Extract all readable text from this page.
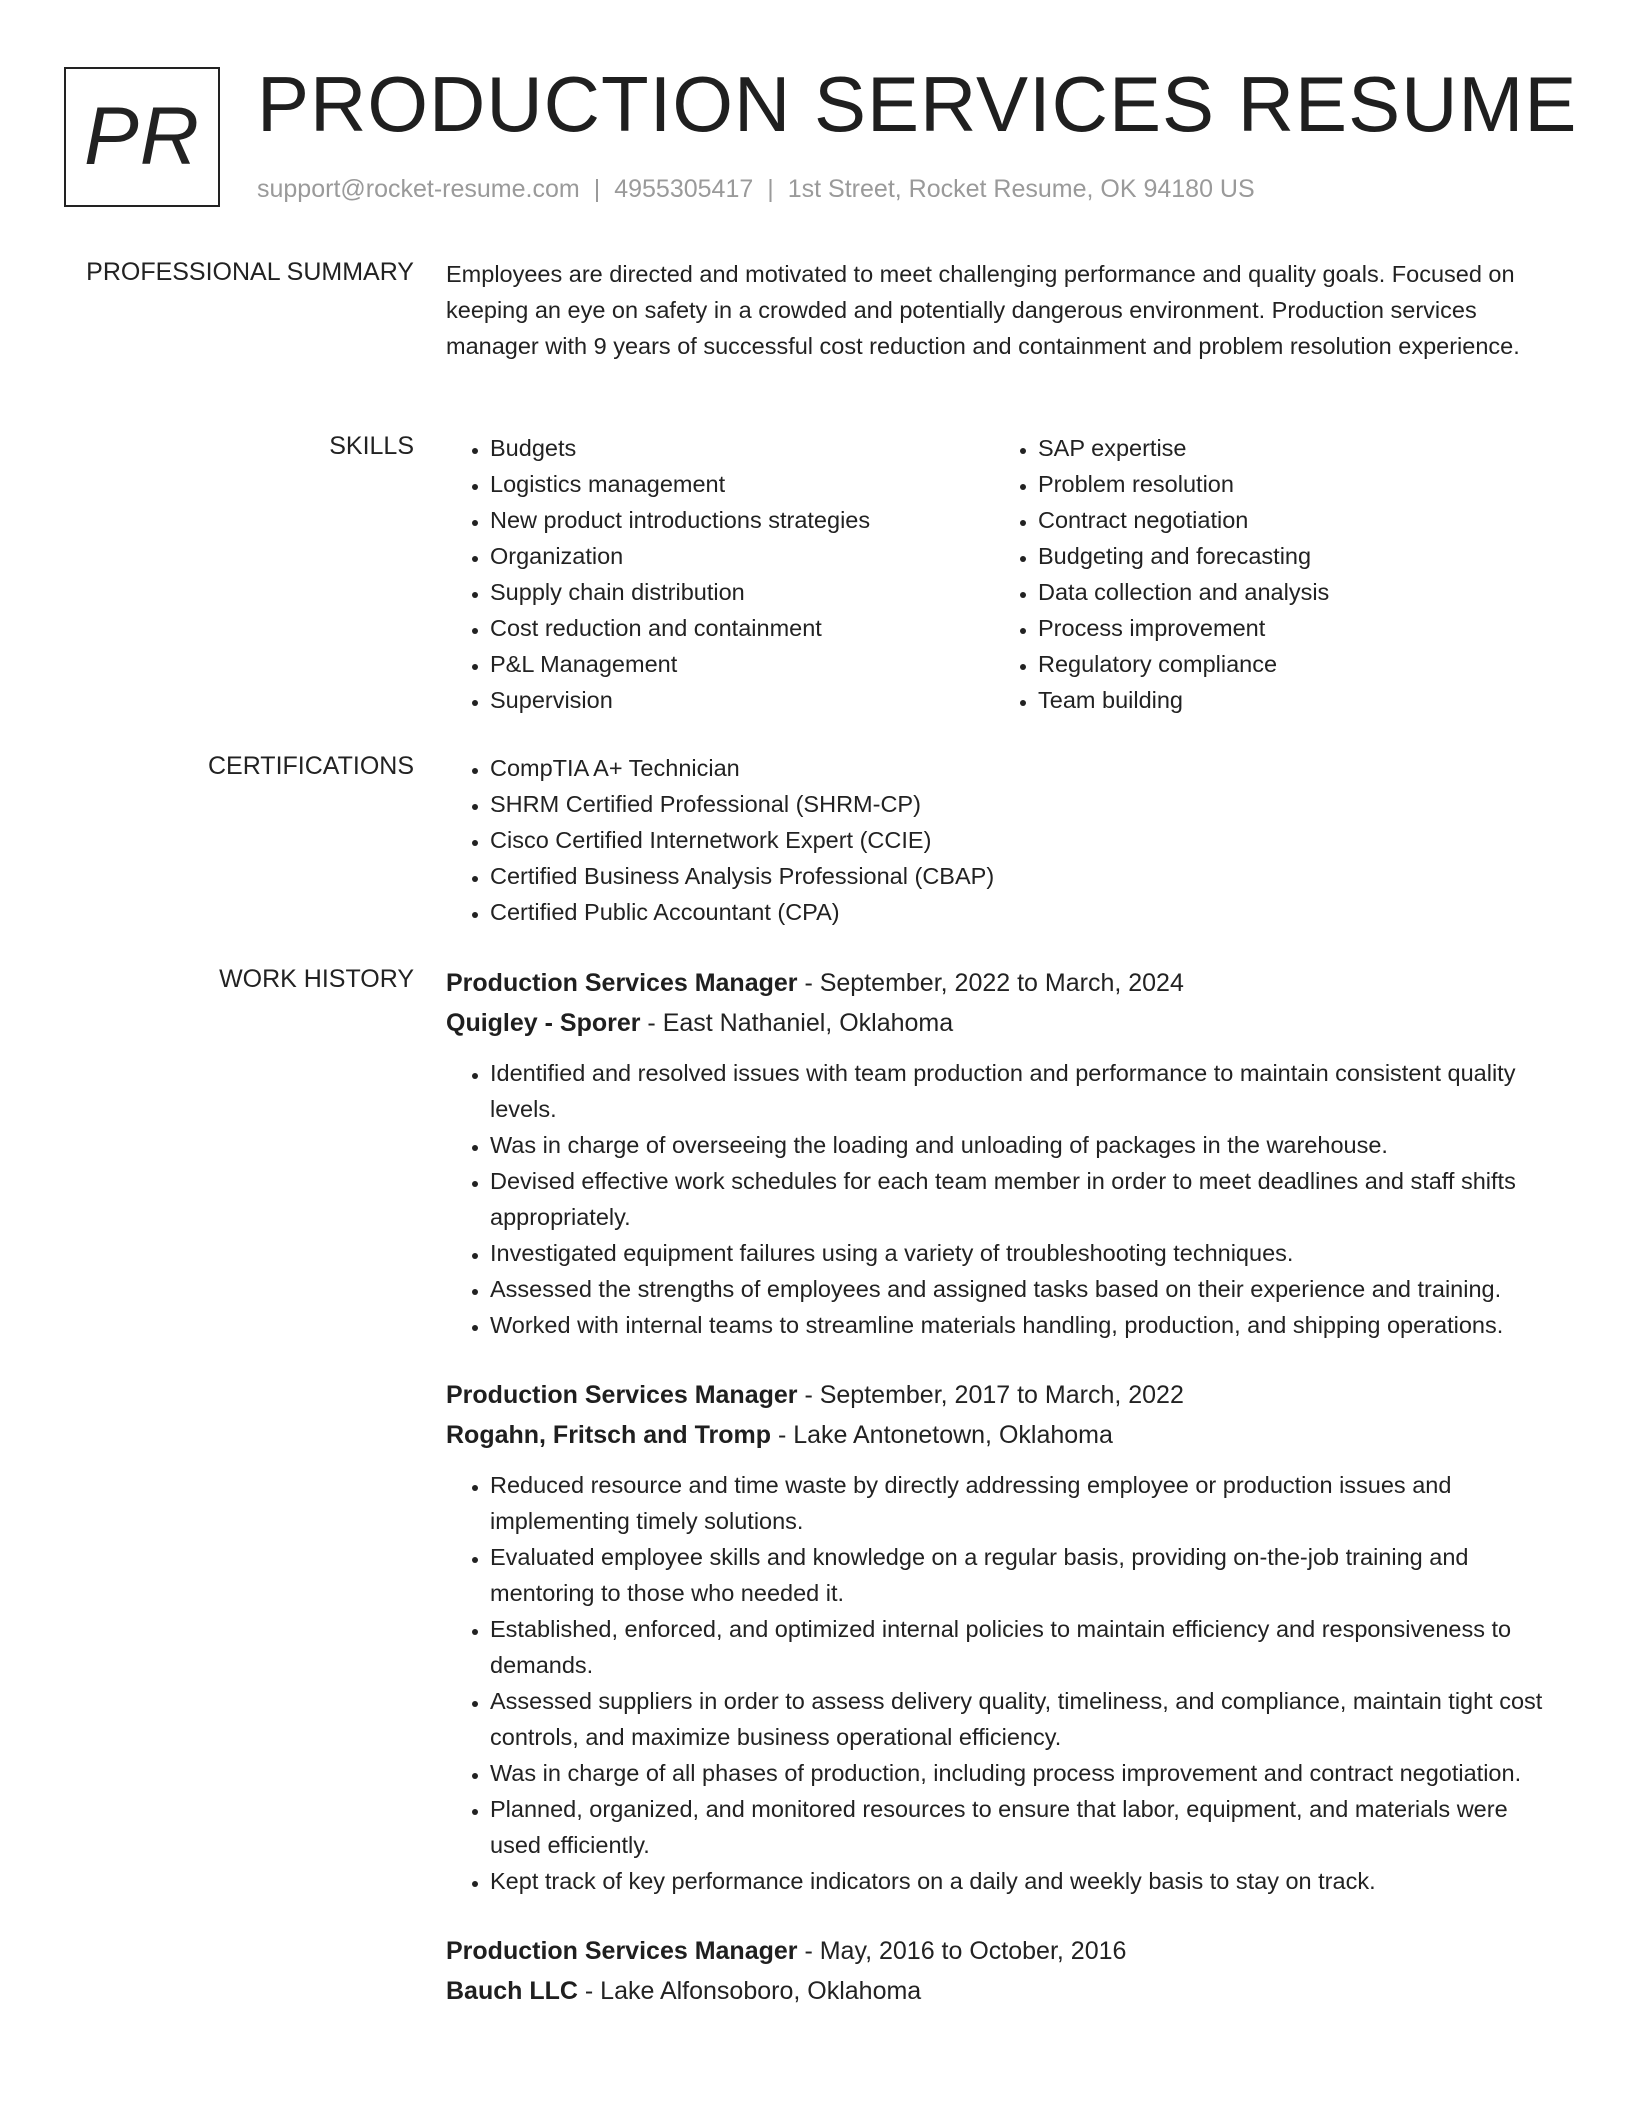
PR PRODUCTION SERVICES RESUME
support@rocket-resume.com | 4955305417 | 1st Street, Rocket Resume, OK 94180 US
PROFESSIONAL SUMMARY Employees are directed and motivated to meet challenging performance and quality goals. Focused on keeping an eye on safety in a crowded and potentially dangerous environment. Production services manager with 9 years of successful cost reduction and containment and problem resolution experience.

SKILLS	• Budgets
• Logistics management
• New product introductions strategies
• Organization
• Supply chain distribution
• Cost reduction and containment
• P&L Management
• Supervision
• SAP expertise
• Problem resolution
• Contract negotiation
• Budgeting and forecasting
• Data collection and analysis
• Process improvement
• Regulatory compliance
• Team building
CERTIFICATIONS	• CompTIA A+ Technician
• SHRM Certified Professional (SHRM-CP)
• Cisco Certified Internetwork Expert (CCIE)
• Certified Business Analysis Professional (CBAP)
• Certified Public Accountant (CPA)
WORK HISTORY Production Services Manager - September, 2022 to March, 2024
Quigley - Sporer - East Nathaniel, Oklahoma
• Identified and resolved issues with team production and performance to maintain consistent quality levels.
• Was in charge of overseeing the loading and unloading of packages in the warehouse.
• Devised effective work schedules for each team member in order to meet deadlines and staff shifts appropriately.
• Investigated equipment failures using a variety of troubleshooting techniques.
• Assessed the strengths of employees and assigned tasks based on their experience and training.
• Worked with internal teams to streamline materials handling, production, and shipping operations.
Production Services Manager - September, 2017 to March, 2022
Rogahn, Fritsch and Tromp - Lake Antonetown, Oklahoma
• Reduced resource and time waste by directly addressing employee or production issues and implementing timely solutions.
• Evaluated employee skills and knowledge on a regular basis, providing on-the-job training and mentoring to those who needed it.
• Established, enforced, and optimized internal policies to maintain efficiency and responsiveness to demands.
• Assessed suppliers in order to assess delivery quality, timeliness, and compliance, maintain tight cost controls, and maximize business operational efficiency.
• Was in charge of all phases of production, including process improvement and contract negotiation.
• Planned, organized, and monitored resources to ensure that labor, equipment, and materials were used efficiently.
• Kept track of key performance indicators on a daily and weekly basis to stay on track.
Production Services Manager - May, 2016 to October, 2016
Bauch LLC - Lake Alfonsoboro, Oklahoma
